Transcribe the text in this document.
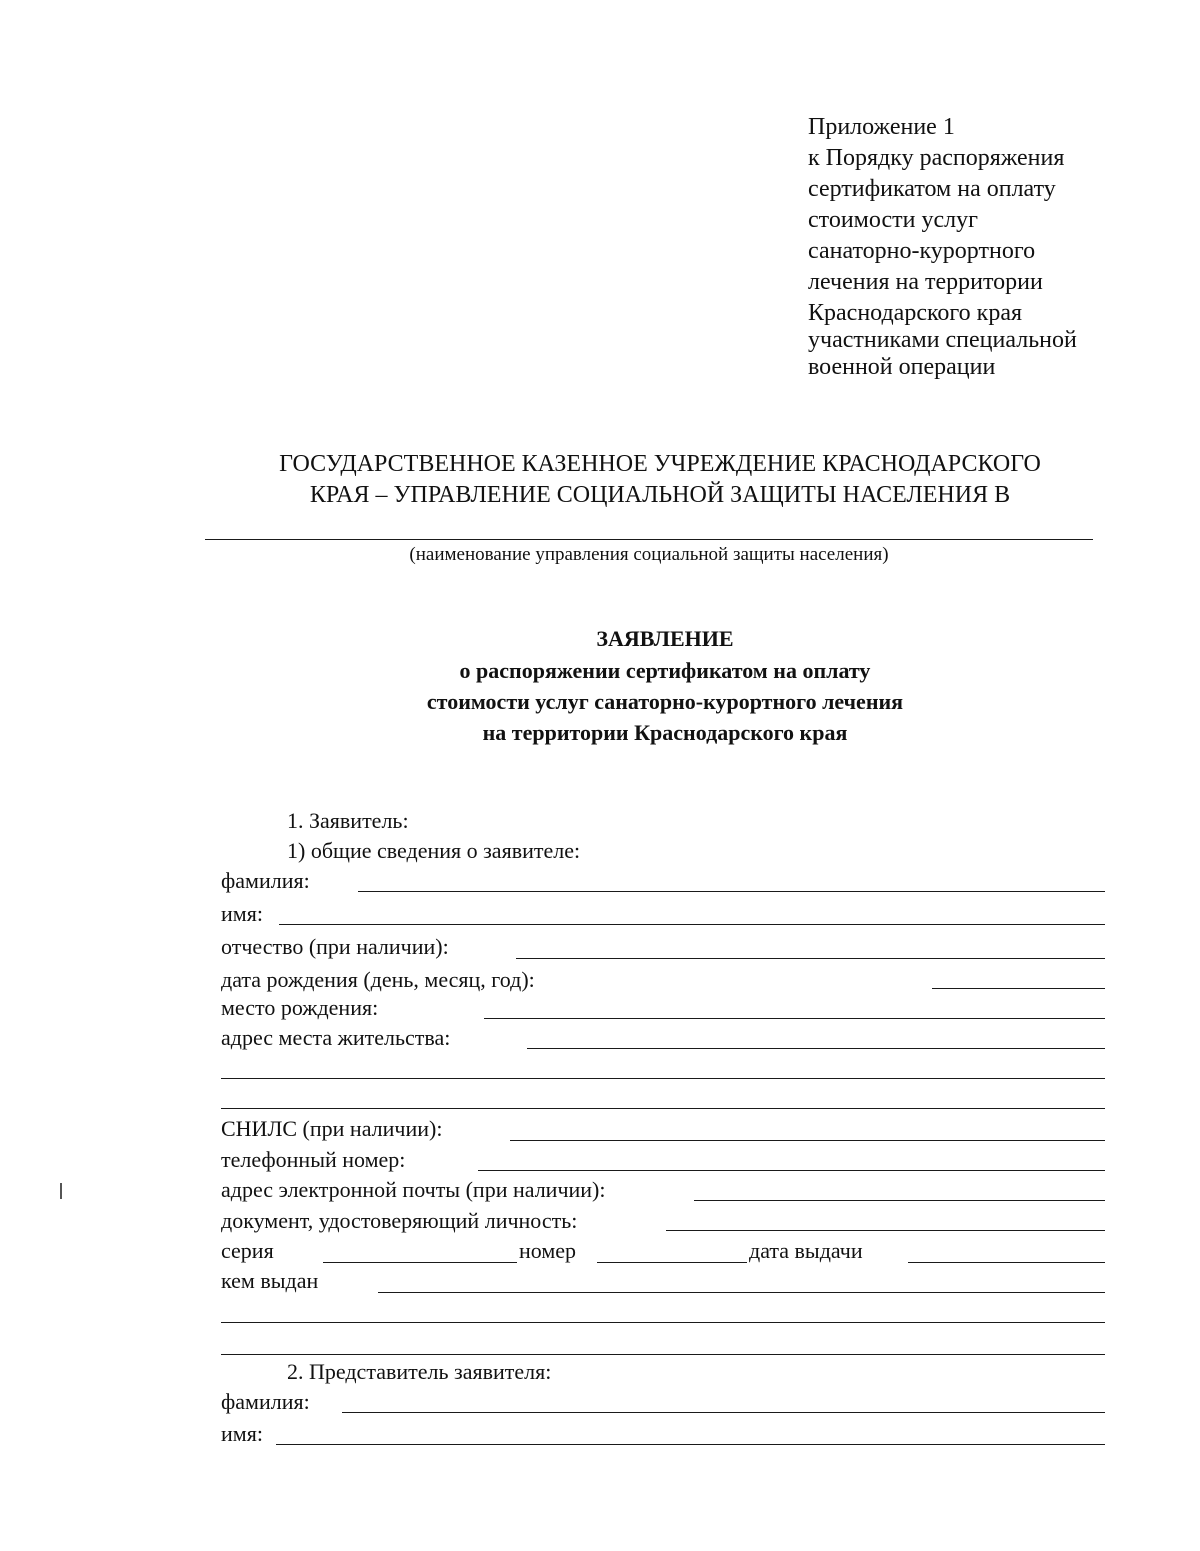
Приложение 1
к Порядку распоряжения
сертификатом на оплату
стоимости услуг
санаторно-курортного
лечения на территории
Краснодарского края
участниками специальной
военной операции
ГОСУДАРСТВЕННОЕ КАЗЕННОЕ УЧРЕЖДЕНИЕ КРАСНОДАРСКОГО
КРАЯ – УПРАВЛЕНИЕ СОЦИАЛЬНОЙ ЗАЩИТЫ НАСЕЛЕНИЯ В
(наименование управления социальной защиты населения)
ЗАЯВЛЕНИЕ
о распоряжении сертификатом на оплату
стоимости услуг санаторно-курортного лечения
на территории Краснодарского края
1. Заявитель:
1) общие сведения о заявителе:
фамилия:
имя:
отчество (при наличии):
дата рождения (день, месяц, год):
место рождения:
адрес места жительства:
СНИЛС (при наличии):
телефонный номер:
адрес электронной почты (при наличии):
документ, удостоверяющий личность:
серия	номер	дата выдачи
кем выдан
2. Представитель заявителя:
фамилия:
имя:
